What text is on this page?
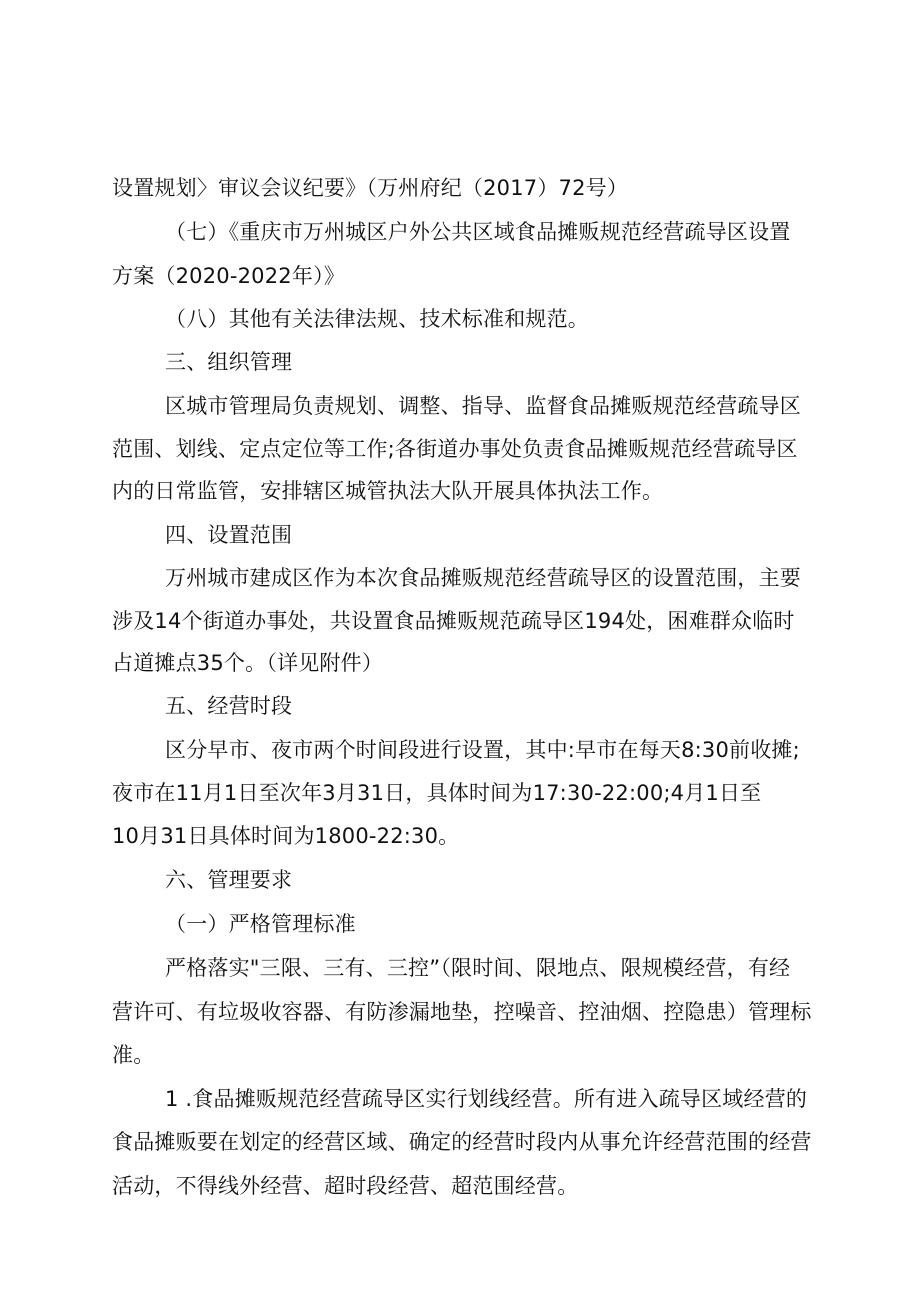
设置规划〉审议会议纪要》（万州府纪（2017）72号）
（七）《重庆市万州城区户外公共区域食品摊贩规范经营疏导区设置
方案（2020-2022年）》
（八）其他有关法律法规、技术标准和规范。
三、组织管理
区城市管理局负责规划、调整、指导、监督食品摊贩规范经营疏导区
范围、划线、定点定位等工作;各街道办事处负责食品摊贩规范经营疏导区
内的日常监管，安排辖区城管执法大队开展具体执法工作。
四、设置范围
万州城市建成区作为本次食品摊贩规范经营疏导区的设置范围，主要
涉及14个街道办事处，共设置食品摊贩规范疏导区194处，困难群众临时
占道摊点35个。（详见附件）
五、经营时段
区分早市、夜市两个时间段进行设置，其中:早市在每天8:30前收摊;
夜市在11月1日至次年3月31日，具体时间为17:30-22:00;4月1日至
10月31日具体时间为1800-22:30。
六、管理要求
（一）严格管理标准
严格落实"三限、三有、三控”（限时间、限地点、限规模经营，有经
营许可、有垃圾收容器、有防渗漏地垫，控噪音、控油烟、控隐患）管理标
准。
1 .食品摊贩规范经营疏导区实行划线经营。所有进入疏导区域经营的
食品摊贩要在划定的经营区域、确定的经营时段内从事允许经营范围的经营
活动，不得线外经营、超时段经营、超范围经营。
